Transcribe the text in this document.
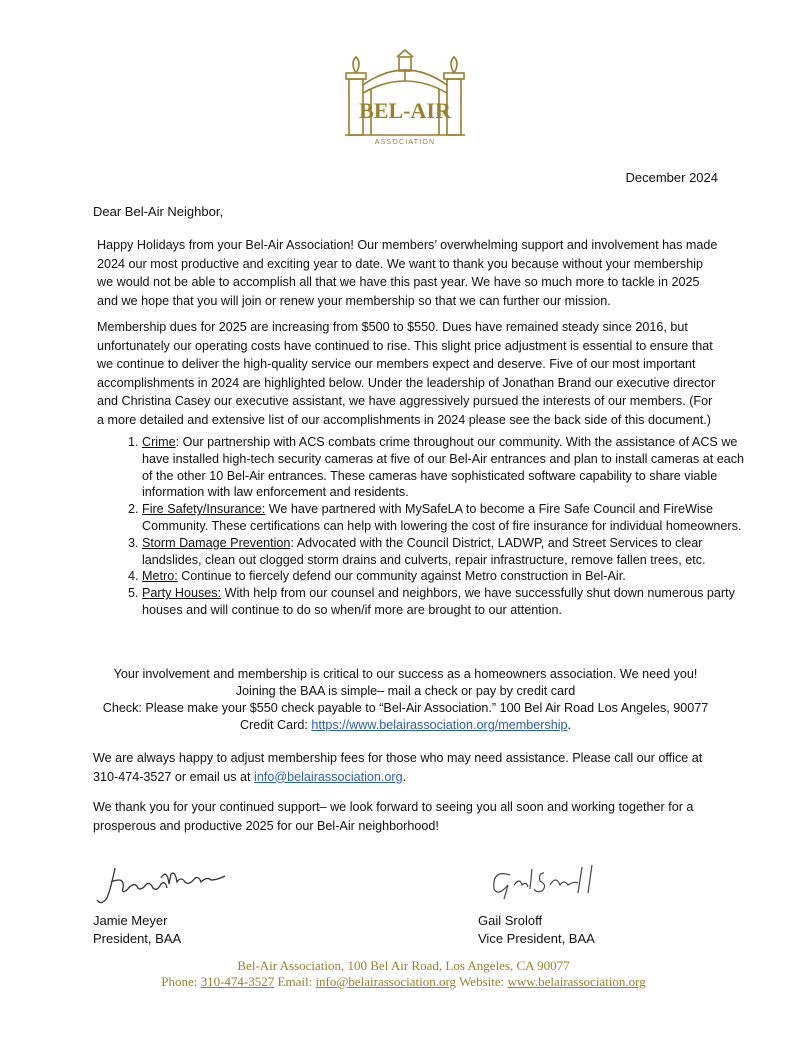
BEL-AIR
ASSOCIATION
December 2024
Dear Bel-Air Neighbor,
Happy Holidays from your Bel-Air Association! Our members’ overwhelming support and involvement has made 2024 our most productive and exciting year to date. We want to thank you because without your membership we would not be able to accomplish all that we have this past year. We have so much more to tackle in 2025 and we hope that you will join or renew your membership so that we can further our mission.
Membership dues for 2025 are increasing from $500 to $550. Dues have remained steady since 2016, but unfortunately our operating costs have continued to rise. This slight price adjustment is essential to ensure that we continue to deliver the high-quality service our members expect and deserve. Five of our most important accomplishments in 2024 are highlighted below. Under the leadership of Jonathan Brand our executive director and Christina Casey our executive assistant, we have aggressively pursued the interests of our members. (For a more detailed and extensive list of our accomplishments in 2024 please see the back side of this document.)
1. Crime: Our partnership with ACS combats crime throughout our community. With the assistance of ACS we have installed high-tech security cameras at five of our Bel-Air entrances and plan to install cameras at each of the other 10 Bel-Air entrances. These cameras have sophisticated software capability to share viable information with law enforcement and residents.
2. Fire Safety/Insurance: We have partnered with MySafeLA to become a Fire Safe Council and FireWise Community. These certifications can help with lowering the cost of fire insurance for individual homeowners.
3. Storm Damage Prevention: Advocated with the Council District, LADWP, and Street Services to clear landslides, clean out clogged storm drains and culverts, repair infrastructure, remove fallen trees, etc.
4. Metro: Continue to fiercely defend our community against Metro construction in Bel-Air.
5. Party Houses: With help from our counsel and neighbors, we have successfully shut down numerous party houses and will continue to do so when/if more are brought to our attention.
Your involvement and membership is critical to our success as a homeowners association. We need you! Joining the BAA is simple– mail a check or pay by credit card
Check: Please make your $550 check payable to “Bel-Air Association.” 100 Bel Air Road Los Angeles, 90077
Credit Card: https://www.belairassociation.org/membership.
We are always happy to adjust membership fees for those who may need assistance. Please call our office at 310-474-3527 or email us at info@belairassociation.org.
We thank you for your continued support– we look forward to seeing you all soon and working together for a prosperous and productive 2025 for our Bel-Air neighborhood!
Jamie Meyer
President, BAA
Gail Sroloff
Vice President, BAA
Bel-Air Association, 100 Bel Air Road, Los Angeles, CA 90077
Phone: 310-474-3527 Email: info@belairassociation.org Website: www.belairassociation.org
